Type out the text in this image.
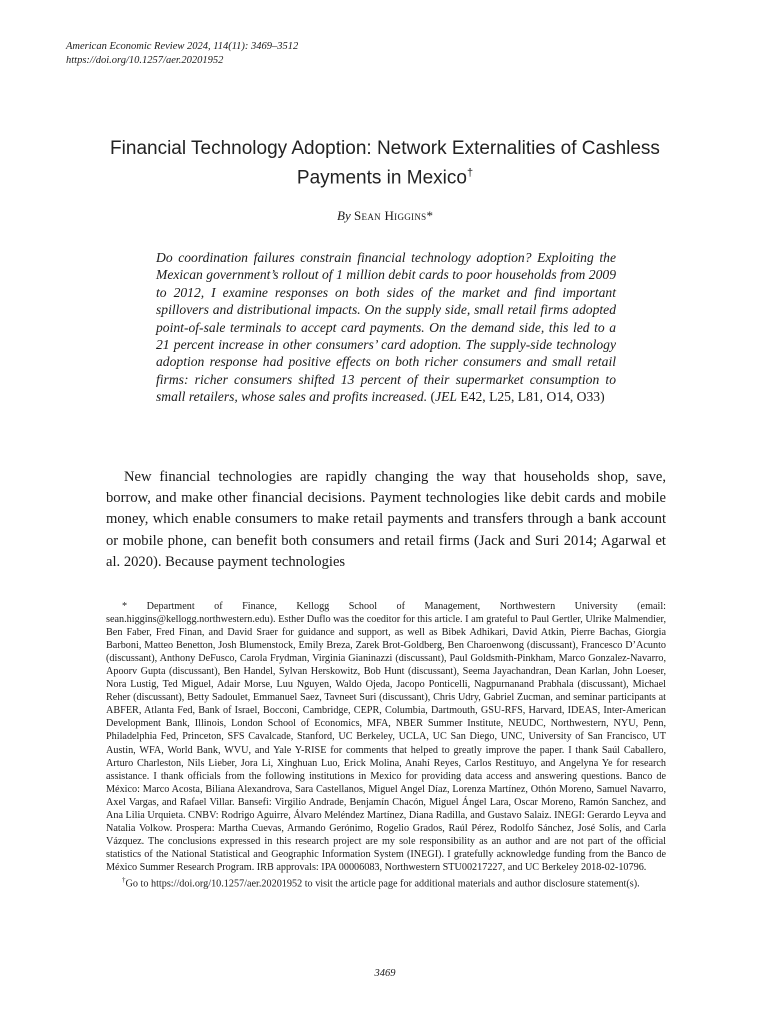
American Economic Review 2024, 114(11): 3469–3512
https://doi.org/10.1257/aer.20201952
Financial Technology Adoption: Network Externalities of Cashless Payments in Mexico†
By Sean Higgins*
Do coordination failures constrain financial technology adoption? Exploiting the Mexican government’s rollout of 1 million debit cards to poor households from 2009 to 2012, I examine responses on both sides of the market and find important spillovers and distributional impacts. On the supply side, small retail firms adopted point-of-sale terminals to accept card payments. On the demand side, this led to a 21 percent increase in other consumers’ card adoption. The supply-side technology adoption response had positive effects on both richer consumers and small retail firms: richer consumers shifted 13 percent of their supermarket consumption to small retailers, whose sales and profits increased. (JEL E42, L25, L81, O14, O33)
New financial technologies are rapidly changing the way that households shop, save, borrow, and make other financial decisions. Payment technologies like debit cards and mobile money, which enable consumers to make retail payments and transfers through a bank account or mobile phone, can benefit both consumers and retail firms (Jack and Suri 2014; Agarwal et al. 2020). Because payment technologies

* Department of Finance, Kellogg School of Management, Northwestern University (email: sean.higgins@kellogg.northwestern.edu). Esther Duflo was the coeditor for this article. I am grateful to Paul Gertler, Ulrike Malmendier, Ben Faber, Fred Finan, and David Sraer for guidance and support, as well as Bibek Adhikari, David Atkin, Pierre Bachas, Giorgia Barboni, Matteo Benetton, Josh Blumenstock, Emily Breza, Zarek Brot-Goldberg, Ben Charoenwong (discussant), Francesco D’Acunto (discussant), Anthony DeFusco, Carola Frydman, Virginia Gianinazzi (discussant), Paul Goldsmith-Pinkham, Marco Gonzalez-Navarro, Apoorv Gupta (discussant), Ben Handel, Sylvan Herskowitz, Bob Hunt (discussant), Seema Jayachandran, Dean Karlan, John Loeser, Nora Lustig, Ted Miguel, Adair Morse, Luu Nguyen, Waldo Ojeda, Jacopo Ponticelli, Nagpurnanand Prabhala (discussant), Michael Reher (discussant), Betty Sadoulet, Emmanuel Saez, Tavneet Suri (discussant), Chris Udry, Gabriel Zucman, and seminar participants at ABFER, Atlanta Fed, Bank of Israel, Bocconi, Cambridge, CEPR, Columbia, Dartmouth, GSU-RFS, Harvard, IDEAS, Inter-American Development Bank, Illinois, London School of Economics, MFA, NBER Summer Institute, NEUDC, Northwestern, NYU, Penn, Philadelphia Fed, Princeton, SFS Cavalcade, Stanford, UC Berkeley, UCLA, UC San Diego, UNC, University of San Francisco, UT Austin, WFA, World Bank, WVU, and Yale Y-RISE for comments that helped to greatly improve the paper. I thank Saúl Caballero, Arturo Charleston, Nils Lieber, Jora Li, Xinghuan Luo, Erick Molina, Anahí Reyes, Carlos Restituyo, and Angelyna Ye for research assistance. I thank officials from the following institutions in Mexico for providing data access and answering questions. Banco de México: Marco Acosta, Biliana Alexandrova, Sara Castellanos, Miguel Angel Díaz, Lorenza Martínez, Othón Moreno, Samuel Navarro, Axel Vargas, and Rafael Villar. Bansefi: Virgilio Andrade, Benjamín Chacón, Miguel Ángel Lara, Oscar Moreno, Ramón Sanchez, and Ana Lilia Urquieta. CNBV: Rodrigo Aguirre, Álvaro Meléndez Martínez, Diana Radilla, and Gustavo Salaiz. INEGI: Gerardo Leyva and Natalia Volkow. Prospera: Martha Cuevas, Armando Gerónimo, Rogelio Grados, Raúl Pérez, Rodolfo Sánchez, José Solís, and Carla Vázquez. The conclusions expressed in this research project are my sole responsibility as an author and are not part of the official statistics of the National Statistical and Geographic Information System (INEGI). I gratefully acknowledge funding from the Banco de México Summer Research Program. IRB approvals: IPA 00006083, Northwestern STU00217227, and UC Berkeley 2018-02-10796.

†Go to https://doi.org/10.1257/aer.20201952 to visit the article page for additional materials and author disclosure statement(s).

3469
